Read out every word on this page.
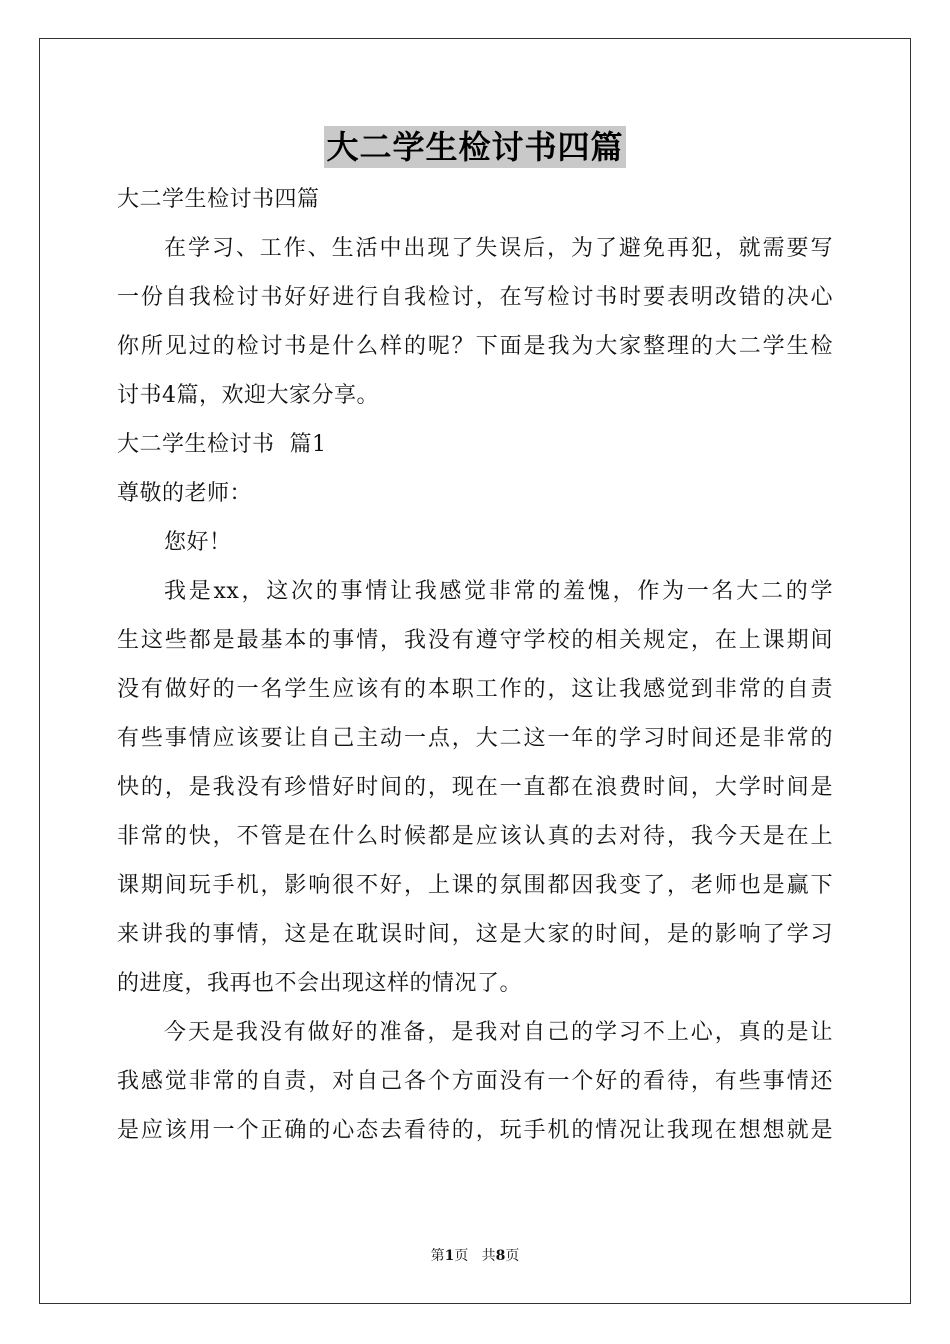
大二学生检讨书四篇
大二学生检讨书四篇
在学习、工作、生活中出现了失误后，为了避免再犯，就需要写
一份自我检讨书好好进行自我检讨，在写检讨书时要表明改错的决心
你所见过的检讨书是什么样的呢？下面是我为大家整理的大二学生检
讨书4篇，欢迎大家分享。
大二学生检讨书  篇1
尊敬的老师：
您好！
我是xx，这次的事情让我感觉非常的羞愧，作为一名大二的学
生这些都是最基本的事情，我没有遵守学校的相关规定，在上课期间
没有做好的一名学生应该有的本职工作的，这让我感觉到非常的自责
有些事情应该要让自己主动一点，大二这一年的学习时间还是非常的
快的，是我没有珍惜好时间的，现在一直都在浪费时间，大学时间是
非常的快，不管是在什么时候都是应该认真的去对待，我今天是在上
课期间玩手机，影响很不好，上课的氛围都因我变了，老师也是赢下
来讲我的事情，这是在耽误时间，这是大家的时间，是的影响了学习
的进度，我再也不会出现这样的情况了。
今天是我没有做好的准备，是我对自己的学习不上心，真的是让
我感觉非常的自责，对自己各个方面没有一个好的看待，有些事情还
是应该用一个正确的心态去看待的，玩手机的情况让我现在想想就是
第1页 共8页
